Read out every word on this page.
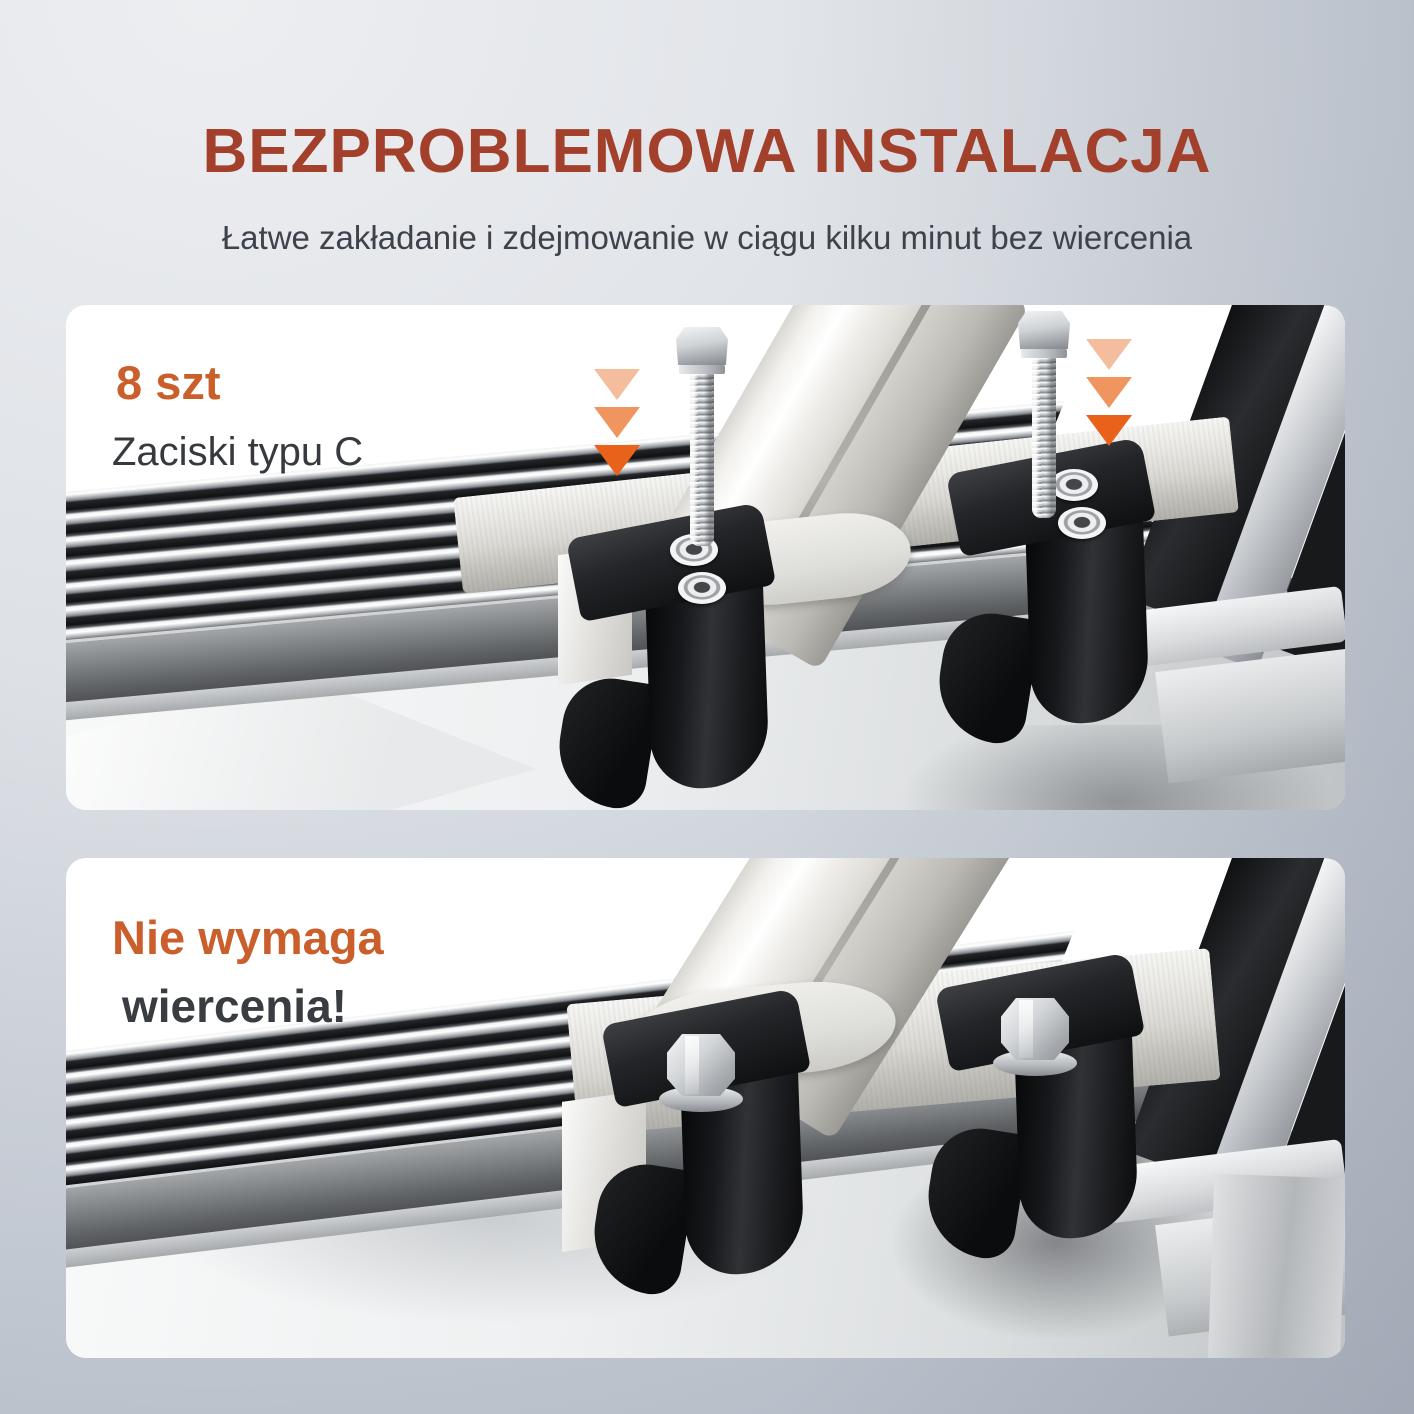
BEZPROBLEMOWA INSTALACJA
Łatwe zakładanie i zdejmowanie w ciągu kilku minut bez wiercenia
8 szt
Zaciski typu C
Nie wymaga
wiercenia!
